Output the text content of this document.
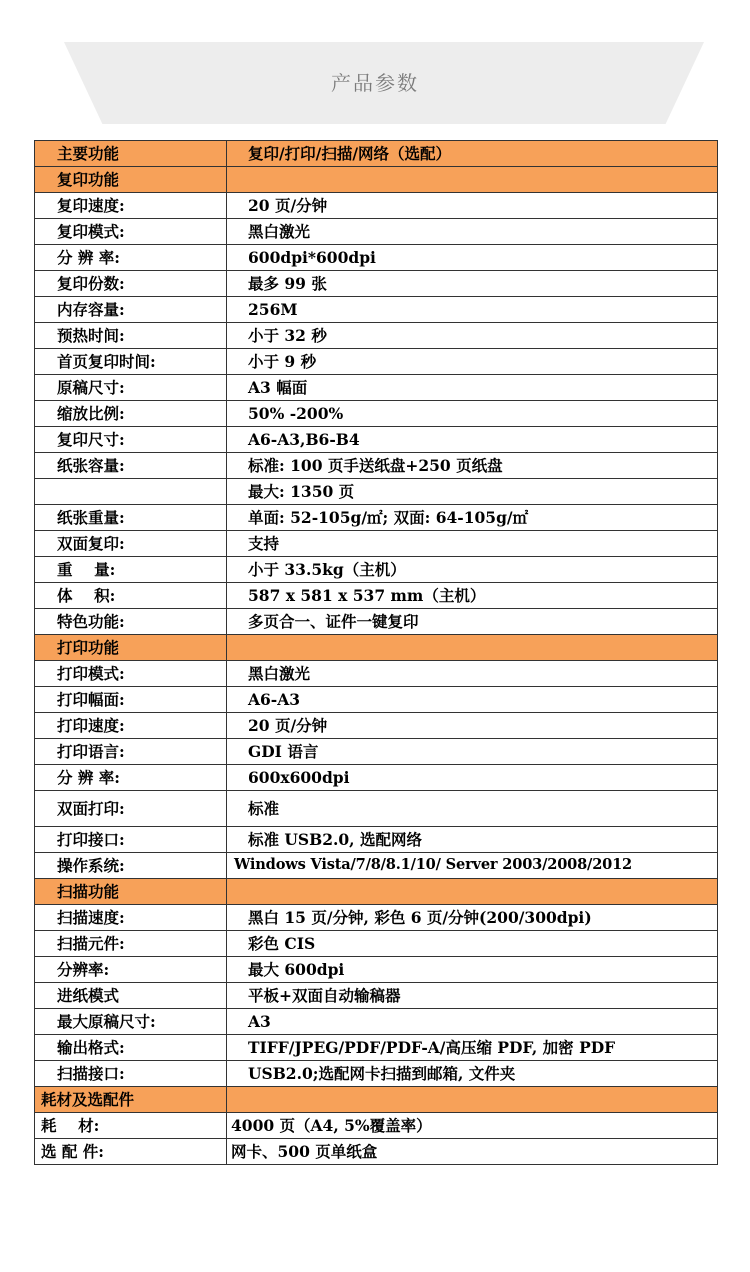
产品参数
主要功能	复印/打印/扫描/网络（选配）
复印功能	
复印速度:	20 页/分钟
复印模式:	黑白激光
分 辨 率:	600dpi*600dpi
复印份数:	最多 99 张
内存容量:	256M
预热时间:	小于 32 秒
首页复印时间:	小于 9 秒
原稿尺寸:	A3 幅面
缩放比例:	50% -200%
复印尺寸:	A6-A3,B6-B4
纸张容量:	标准: 100 页手送纸盘+250 页纸盘
	最大: 1350 页
纸张重量:	单面: 52-105g/㎡; 双面: 64-105g/㎡
双面复印:	支持
重    量:	小于 33.5kg（主机）
体    积:	587 x 581 x 537 mm（主机）
特色功能:	多页合一、证件一键复印
打印功能	
打印模式:	黑白激光
打印幅面:	A6-A3
打印速度:	20 页/分钟
打印语言:	GDI 语言
分 辨 率:	600x600dpi
双面打印:	标准
打印接口:	标准 USB2.0, 选配网络
操作系统:	Windows Vista/7/8/8.1/10/ Server 2003/2008/2012
扫描功能	
扫描速度:	黑白 15 页/分钟, 彩色 6 页/分钟(200/300dpi)
扫描元件:	彩色 CIS
分辨率:	最大 600dpi
进纸模式	平板+双面自动输稿器
最大原稿尺寸:	A3
输出格式:	TIFF/JPEG/PDF/PDF-A/高压缩 PDF, 加密 PDF
扫描接口:	USB2.0;选配网卡扫描到邮箱, 文件夹
耗材及选配件	
耗    材:	4000 页（A4, 5%覆盖率）
选 配 件:	网卡、500 页单纸盒
